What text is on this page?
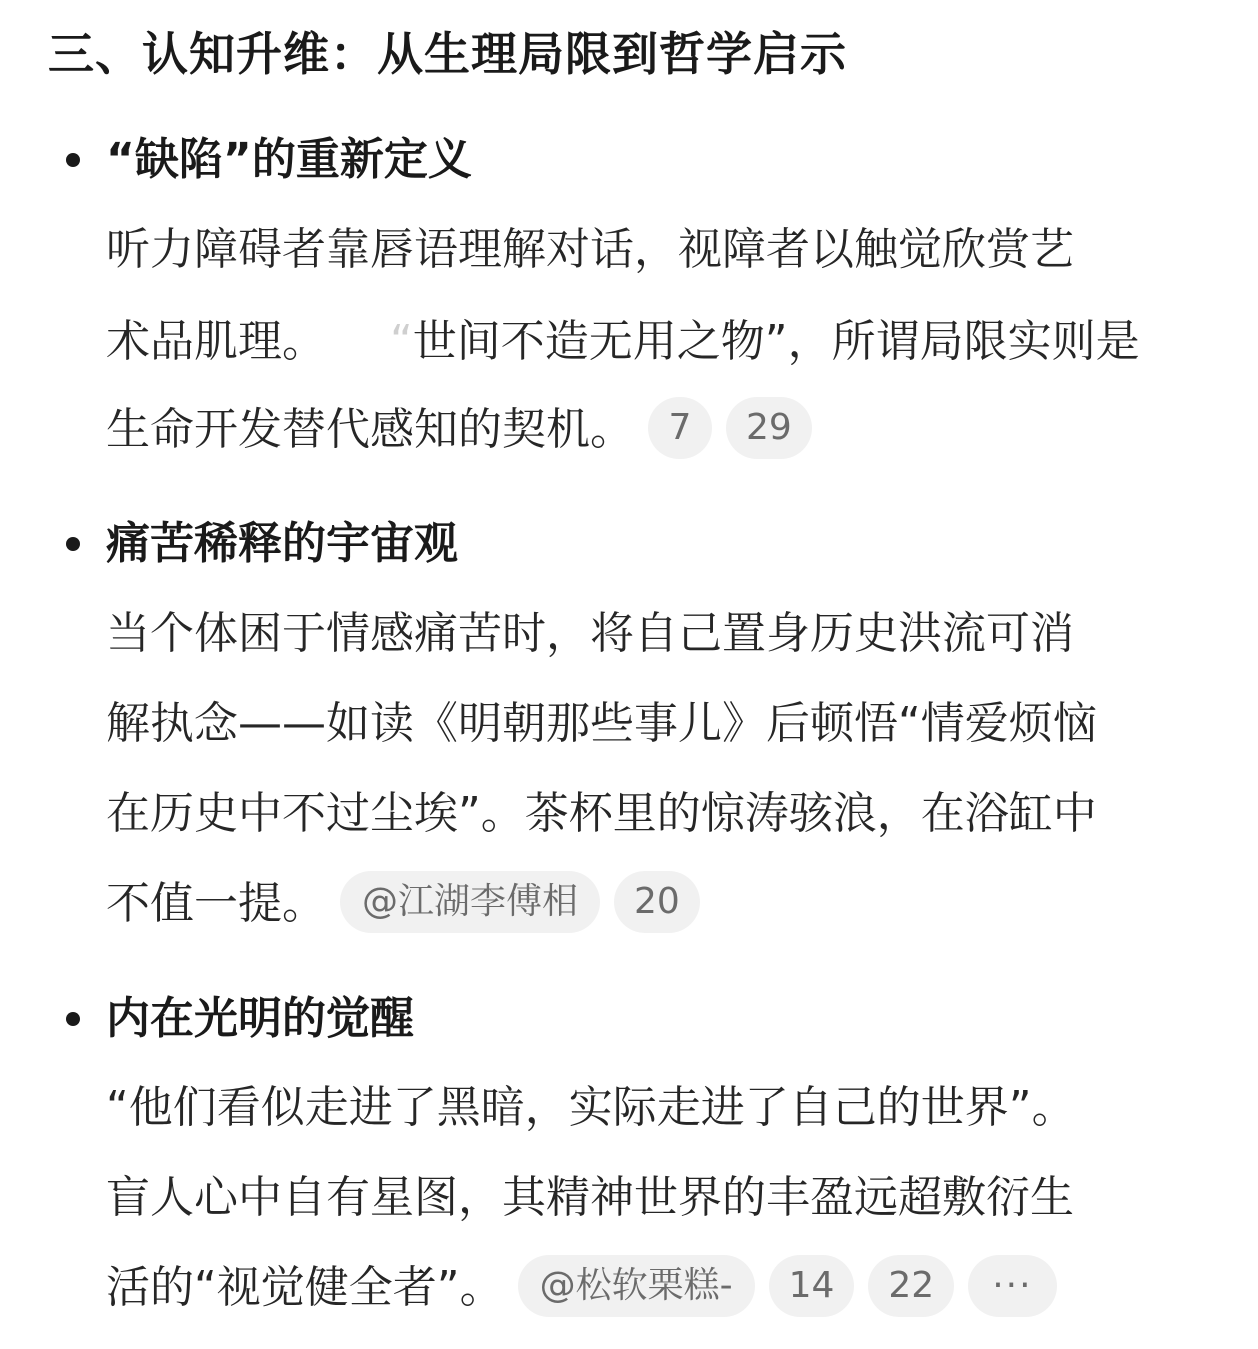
三、认知升维：从生理局限到哲学启示
“缺陷”的重新定义
听力障碍者靠唇语理解对话，视障者以触觉欣赏艺
术品肌理。 “世间不造无用之物”，所谓局限实则是
生命开发替代感知的契机。 7 29
痛苦稀释的宇宙观
当个体困于情感痛苦时，将自己置身历史洪流可消
解执念——如读《明朝那些事儿》后顿悟“情爱烦恼
在历史中不过尘埃”。茶杯里的惊涛骇浪，在浴缸中
不值一提。 @江湖李傅相 20
内在光明的觉醒
“他们看似走进了黑暗，实际走进了自己的世界”。
盲人心中自有星图，其精神世界的丰盈远超敷衍生
活的“视觉健全者”。 @松软栗糕- 14 22 ···
